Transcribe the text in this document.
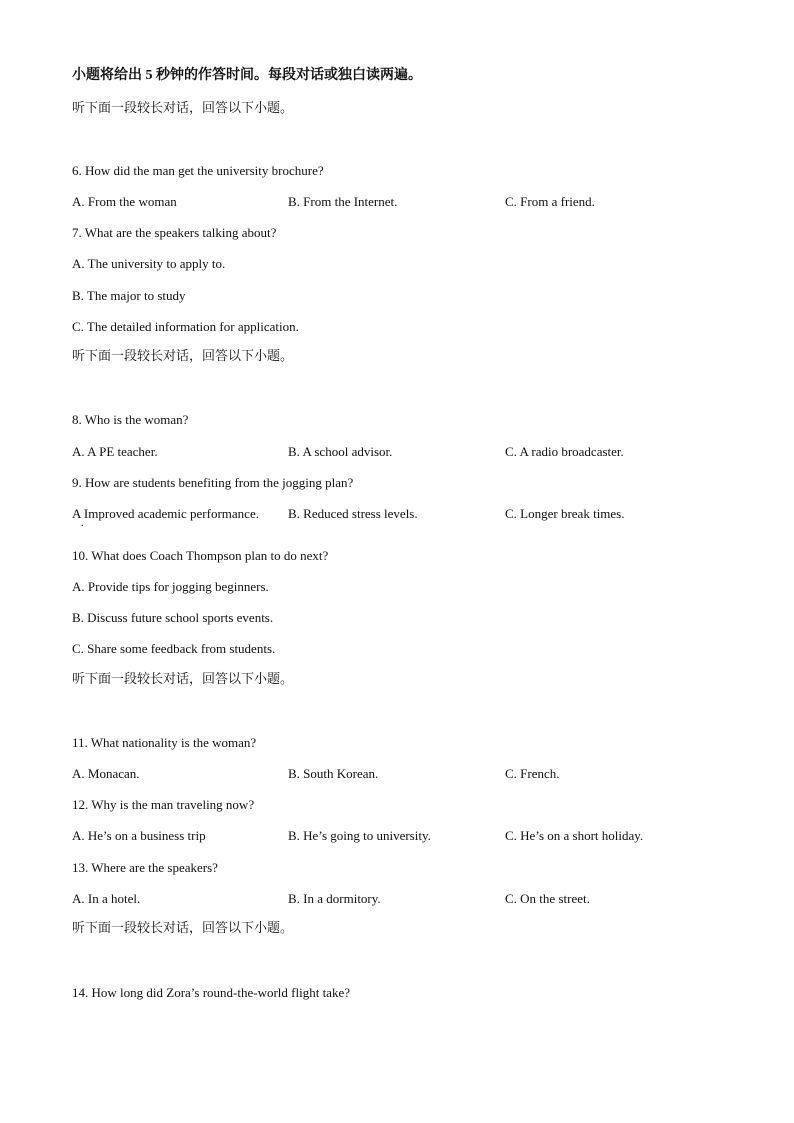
小题将给出 5 秒钟的作答时间。每段对话或独白读两遍。
听下面一段较长对话，回答以下小题。
6. How did the man get the university brochure?
A. From the woman	B. From the Internet.	C. From a friend.
7. What are the speakers talking about?
A. The university to apply to.
B. The major to study
C. The detailed information for application.
听下面一段较长对话，回答以下小题。
8. Who is the woman?
A. A PE teacher.	B. A school advisor.	C. A radio broadcaster.
9. How are students benefiting from the jogging plan?
A Improved academic performance. B. Reduced stress levels.	C. Longer break times.
.
10. What does Coach Thompson plan to do next?
A. Provide tips for jogging beginners.
B. Discuss future school sports events.
C. Share some feedback from students.
听下面一段较长对话，回答以下小题。
11. What nationality is the woman?
A. Monacan.	B. South Korean.	C. French.
12. Why is the man traveling now?
A. He’s on a business trip	B. He’s going to university.	C. He’s on a short holiday.
13. Where are the speakers?
A. In a hotel.	B. In a dormitory.	C. On the street.
听下面一段较长对话，回答以下小题。
14. How long did Zora’s round-the-world flight take?
